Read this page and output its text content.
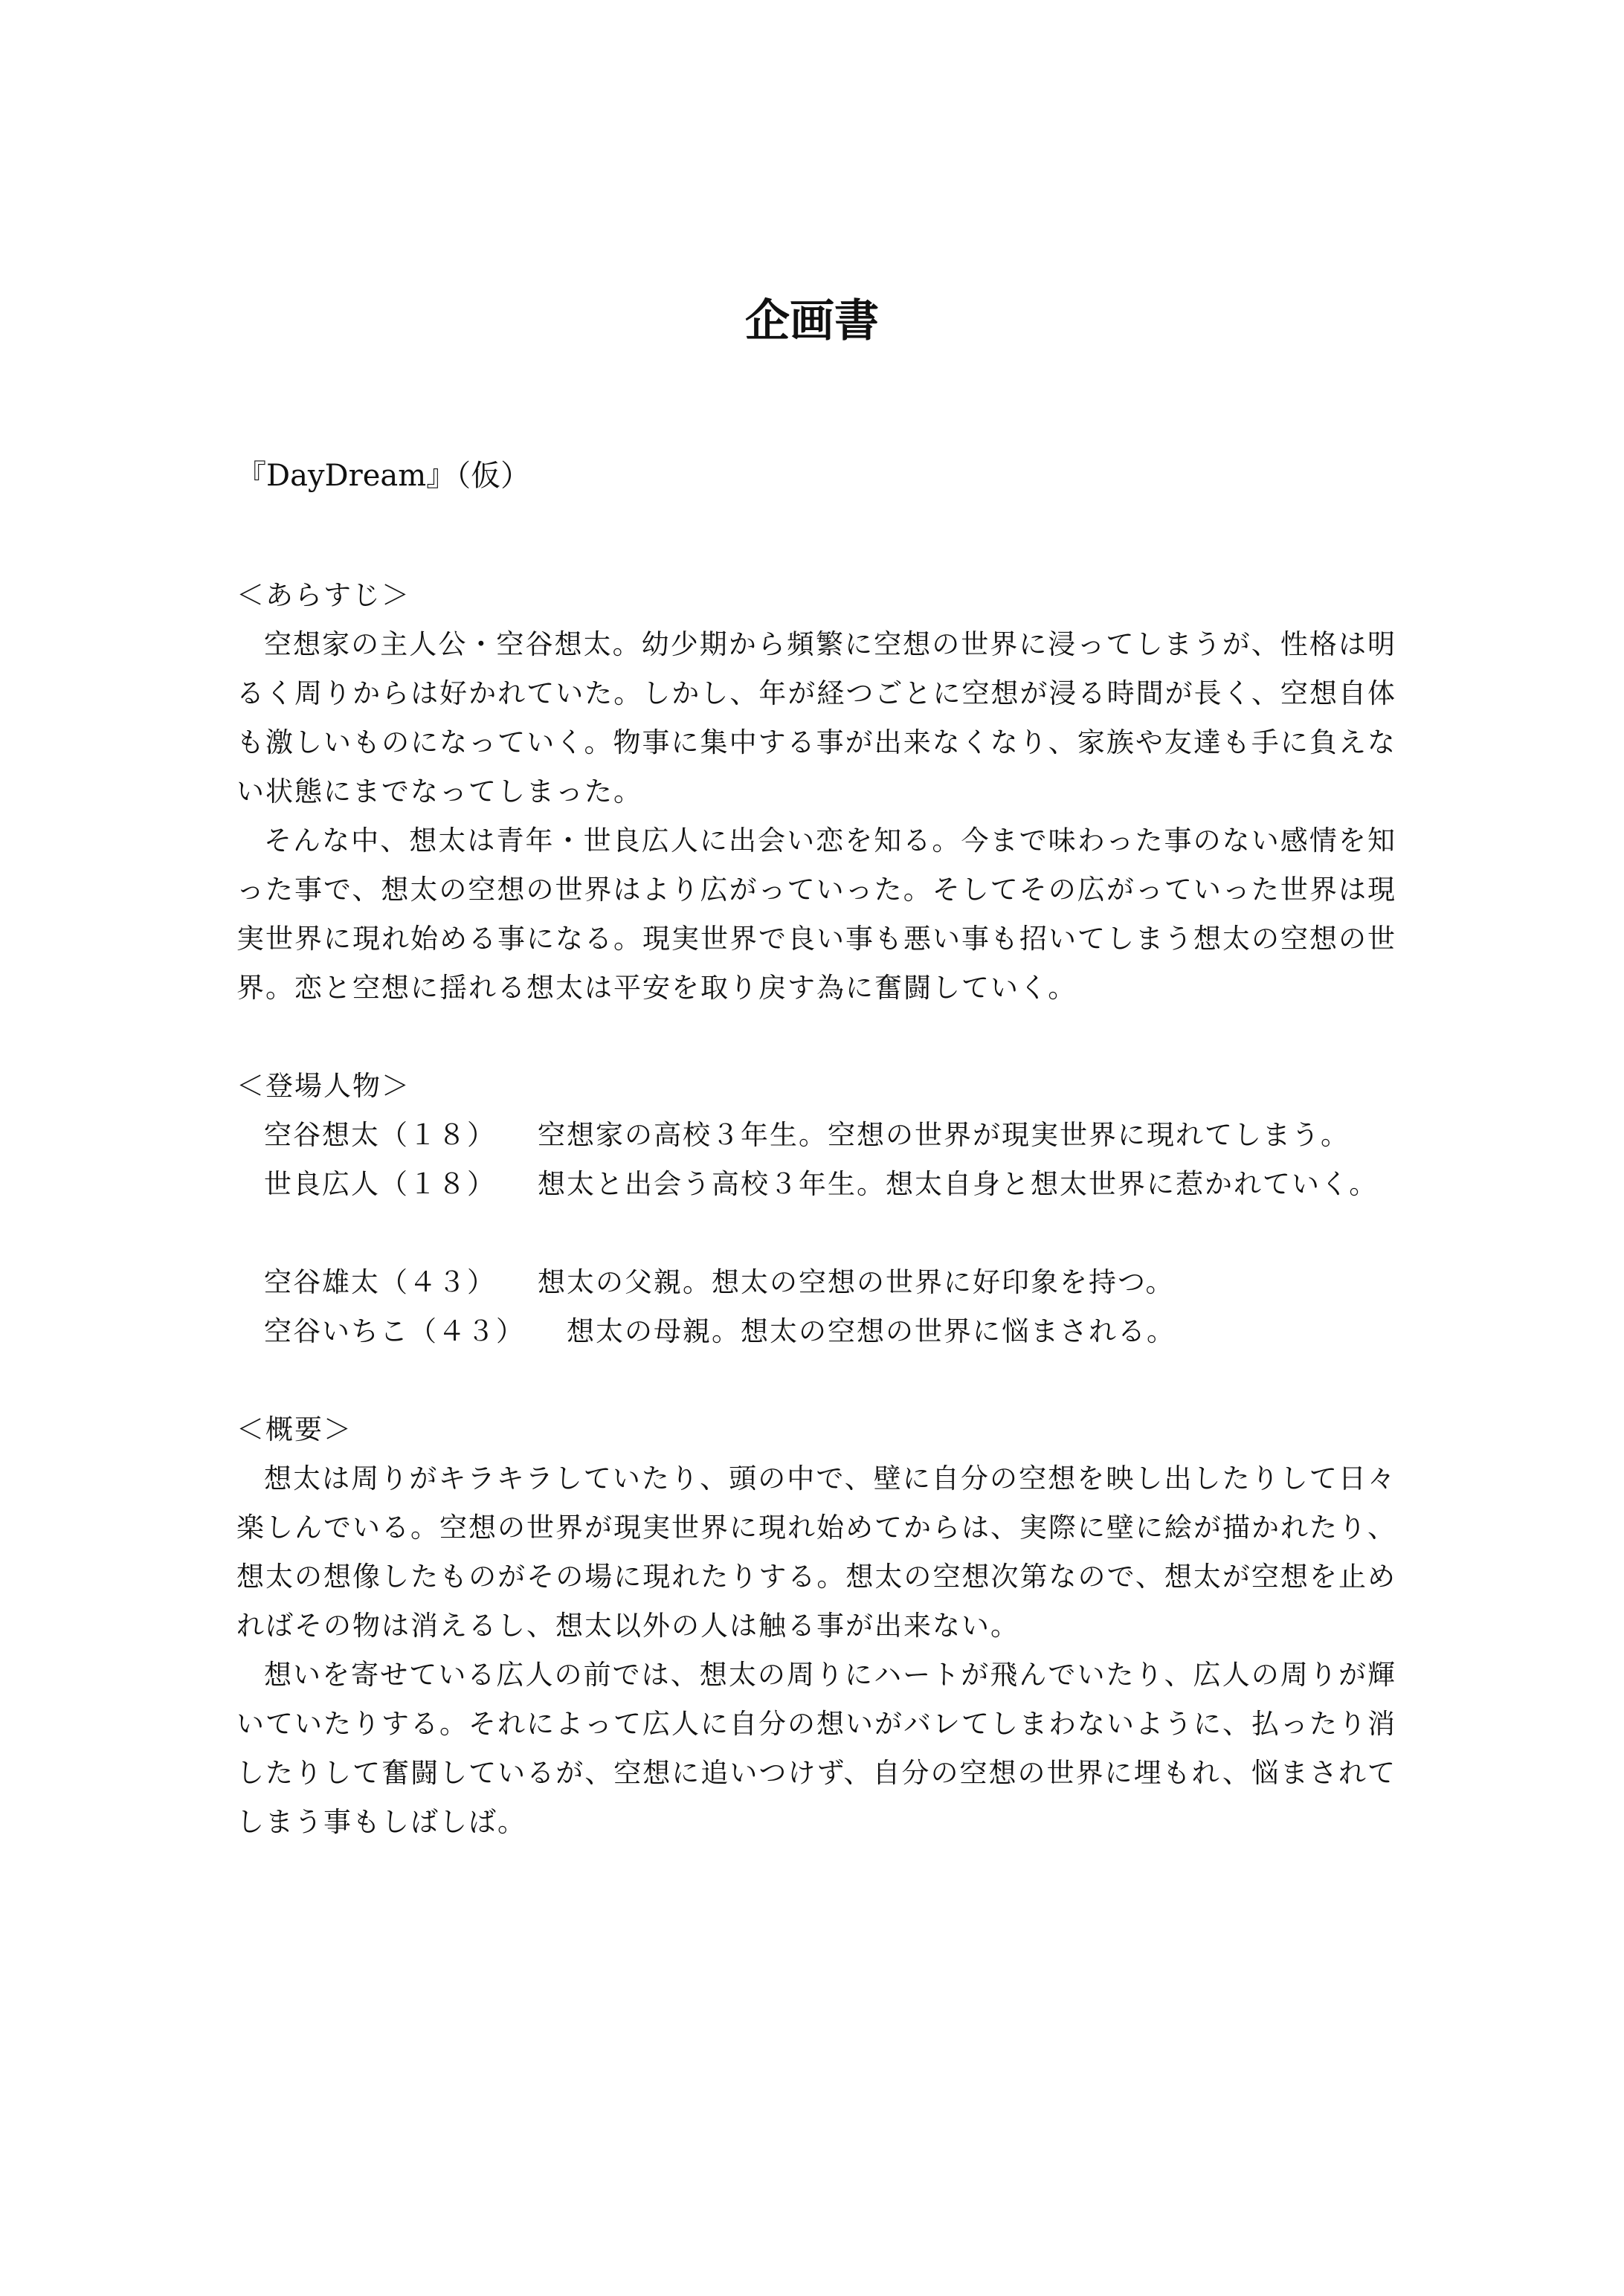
企画書

『DayDream』（仮）

＜あらすじ＞

空想家の主人公・空谷想太。幼少期から頻繁に空想の世界に浸ってしまうが、性格は明るく周りからは好かれていた。しかし、年が経つごとに空想が浸る時間が長く、空想自体も激しいものになっていく。物事に集中する事が出来なくなり、家族や友達も手に負えない状態にまでなってしまった。

そんな中、想太は青年・世良広人に出会い恋を知る。今まで味わった事のない感情を知った事で、想太の空想の世界はより広がっていった。そしてその広がっていった世界は現実世界に現れ始める事になる。現実世界で良い事も悪い事も招いてしまう想太の空想の世界。恋と空想に揺れる想太は平安を取り戻す為に奮闘していく。

＜登場人物＞
空谷想太（１８） 空想家の高校３年生。空想の世界が現実世界に現れてしまう。
世良広人（１８） 想太と出会う高校３年生。想太自身と想太世界に惹かれていく。
空谷雄太（４３） 想太の父親。想太の空想の世界に好印象を持つ。
空谷いちこ（４３） 想太の母親。想太の空想の世界に悩まされる。
＜概要＞

想太は周りがキラキラしていたり、頭の中で、壁に自分の空想を映し出したりして日々楽しんでいる。空想の世界が現実世界に現れ始めてからは、実際に壁に絵が描かれたり、想太の想像したものがその場に現れたりする。想太の空想次第なので、想太が空想を止めればその物は消えるし、想太以外の人は触る事が出来ない。

想いを寄せている広人の前では、想太の周りにハートが飛んでいたり、広人の周りが輝いていたりする。それによって広人に自分の想いがバレてしまわないように、払ったり消したりして奮闘しているが、空想に追いつけず、自分の空想の世界に埋もれ、悩まされてしまう事もしばしば。
